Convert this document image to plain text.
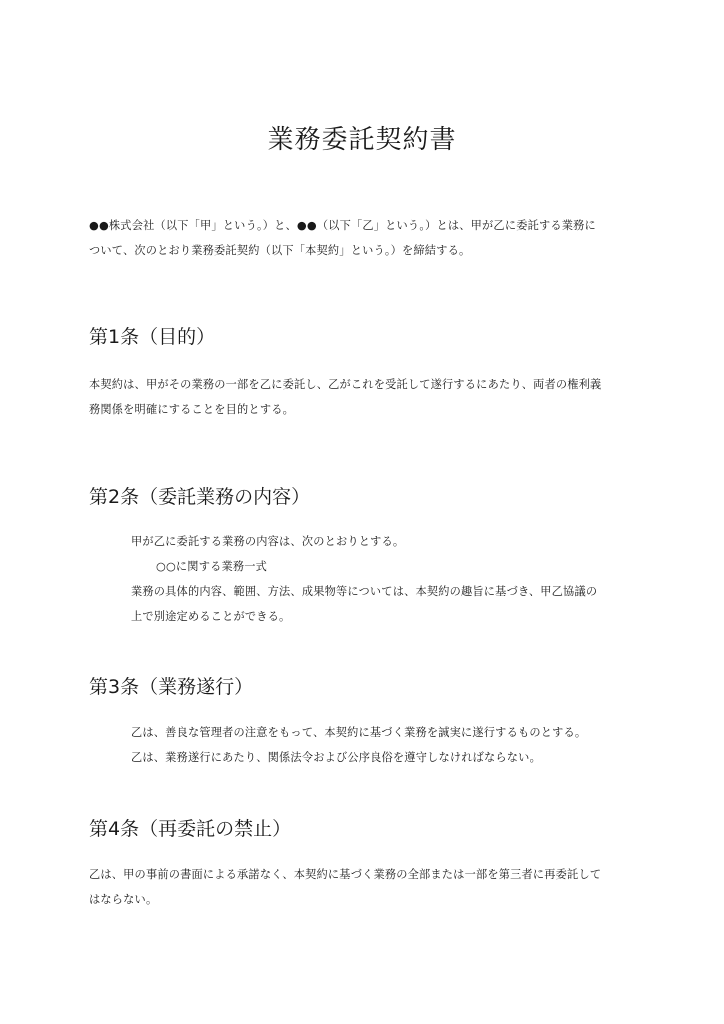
業務委託契約書
●●株式会社（以下「甲」という。）と、●●（以下「乙」という。）とは、甲が乙に委託する業務に
ついて、次のとおり業務委託契約（以下「本契約」という。）を締結する。
第1条（目的）
本契約は、甲がその業務の一部を乙に委託し、乙がこれを受託して遂行するにあたり、両者の権利義
務関係を明確にすることを目的とする。
第2条（委託業務の内容）
甲が乙に委託する業務の内容は、次のとおりとする。
○○に関する業務一式
業務の具体的内容、範囲、方法、成果物等については、本契約の趣旨に基づき、甲乙協議の
上で別途定めることができる。
第3条（業務遂行）
乙は、善良な管理者の注意をもって、本契約に基づく業務を誠実に遂行するものとする。
乙は、業務遂行にあたり、関係法令および公序良俗を遵守しなければならない。
第4条（再委託の禁止）
乙は、甲の事前の書面による承諾なく、本契約に基づく業務の全部または一部を第三者に再委託して
はならない。
